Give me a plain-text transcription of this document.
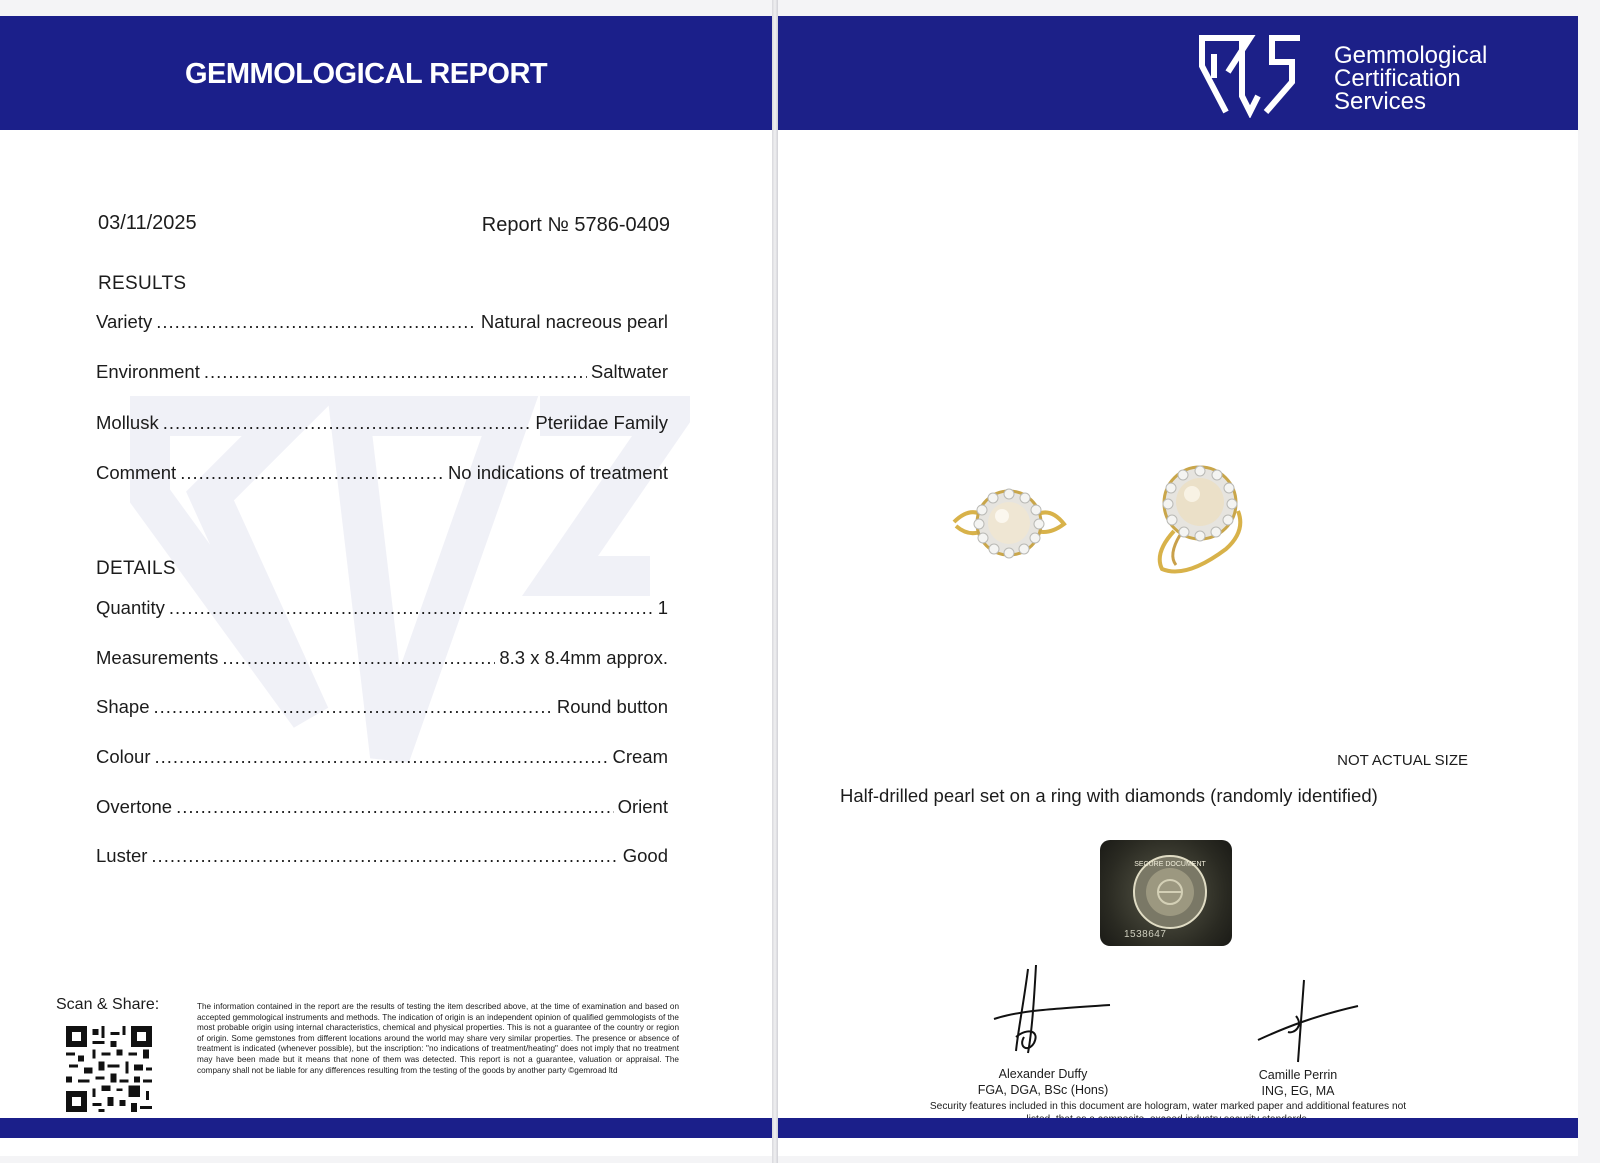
GEMMOLOGICAL REPORT
03/11/2025	Report № 5786-0409
RESULTS
Variety .....	Natural nacreous pearl
Environment .....	Saltwater
Mollusk .....	Pteriidae Family
Comment .....	No indications of treatment
DETAILS
Quantity .....	1
Measurements .....	8.3 x 8.4mm approx.
Shape .....	Round button
Colour .....	Cream
Overtone .....	Orient
Luster .....	Good
Scan & Share:	The information contained in the report are the results of testing the item described above, at the time of examination and based on accepted gemmological instruments and methods. The indication of origin is an independent opinion of qualified gemmologists of the most probable origin using internal characteristics, chemical and physical properties. This is not a guarantee of the country or region of origin. Some gemstones from different locations around the world may share very similar properties. The presence or absence of treatment is indicated (whenever possible), but the inscription: "no indications of treatment/heating" does not imply that no treatment may have been made but it means that none of them was detected. This report is not a guarantee, valuation or appraisal. The company shall not be liable for any differences resulting from the testing of the goods by another party ©gemroad ltd
Gemmological
Certification
Services
NOT ACTUAL SIZE
Half-drilled pearl set on a ring with diamonds (randomly identified)
SECURE DOCUMENT
1538647
Alexander Duffy
FGA, DGA, BSc (Hons)
Camille Perrin
ING, EG, MA
Security features included in this document are hologram, water marked paper and additional features not
